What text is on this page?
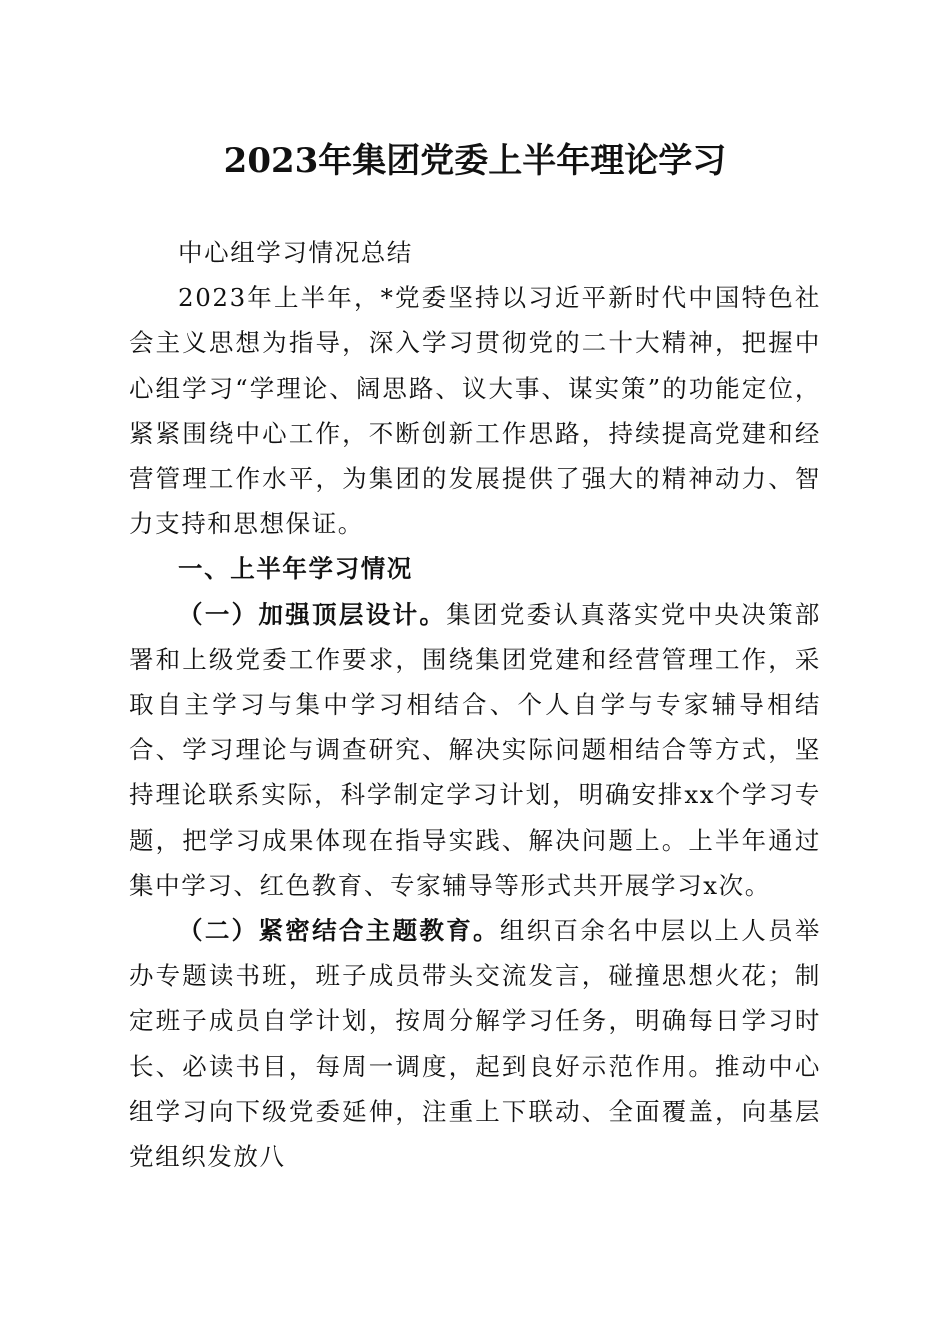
2023年集团党委上半年理论学习

中心组学习情况总结

2023年上半年，*党委坚持以习近平新时代中国特色社会主义思想为指导，深入学习贯彻党的二十大精神，把握中心组学习“学理论、阔思路、议大事、谋实策”的功能定位，紧紧围绕中心工作，不断创新工作思路，持续提高党建和经营管理工作水平，为集团的发展提供了强大的精神动力、智力支持和思想保证。

一、上半年学习情况

（一）加强顶层设计。集团党委认真落实党中央决策部署和上级党委工作要求，围绕集团党建和经营管理工作，采取自主学习与集中学习相结合、个人自学与专家辅导相结合、学习理论与调查研究、解决实际问题相结合等方式，坚持理论联系实际，科学制定学习计划，明确安排xx个学习专题，把学习成果体现在指导实践、解决问题上。上半年通过集中学习、红色教育、专家辅导等形式共开展学习x次。

（二）紧密结合主题教育。组织百余名中层以上人员举办专题读书班，班子成员带头交流发言，碰撞思想火花；制定班子成员自学计划，按周分解学习任务，明确每日学习时长、必读书目，每周一调度，起到良好示范作用。推动中心组学习向下级党委延伸，注重上下联动、全面覆盖，向基层党组织发放八
